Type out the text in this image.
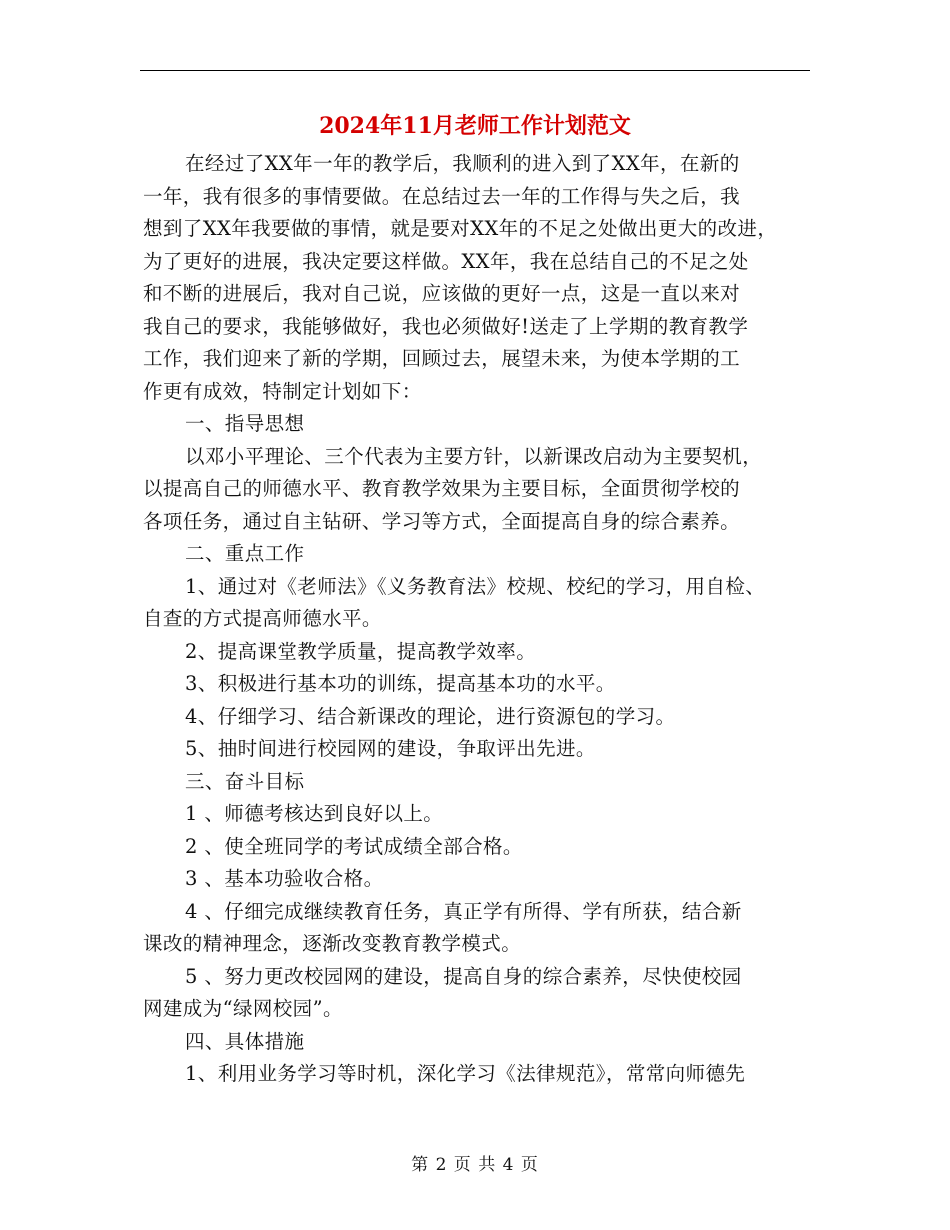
2024年11月老师工作计划范文
在经过了XX年一年的教学后，我顺利的进入到了XX年，在新的
一年，我有很多的事情要做。在总结过去一年的工作得与失之后，我
想到了XX年我要做的事情，就是要对XX年的不足之处做出更大的改进，
为了更好的进展，我决定要这样做。XX年，我在总结自己的不足之处
和不断的进展后，我对自己说，应该做的更好一点，这是一直以来对
我自己的要求，我能够做好，我也必须做好!送走了上学期的教育教学
工作，我们迎来了新的学期，回顾过去，展望未来，为使本学期的工
作更有成效，特制定计划如下：
一、指导思想
以邓小平理论、三个代表为主要方针，以新课改启动为主要契机，
以提高自己的师德水平、教育教学效果为主要目标，全面贯彻学校的
各项任务，通过自主钻研、学习等方式，全面提高自身的综合素养。
二、重点工作
1、通过对《老师法》《义务教育法》校规、校纪的学习，用自检、
自查的方式提高师德水平。
2、提高课堂教学质量，提高教学效率。
3、积极进行基本功的训练，提高基本功的水平。
4、仔细学习、结合新课改的理论，进行资源包的学习。
5、抽时间进行校园网的建设，争取评出先进。
三、奋斗目标
1 、师德考核达到良好以上。
2 、使全班同学的考试成绩全部合格。
3 、基本功验收合格。
4 、仔细完成继续教育任务，真正学有所得、学有所获，结合新
课改的精神理念，逐渐改变教育教学模式。
5 、努力更改校园网的建设，提高自身的综合素养，尽快使校园
网建成为“绿网校园”。
四、具体措施
1、利用业务学习等时机，深化学习《法律规范》，常常向师德先
第 2 页 共 4 页
